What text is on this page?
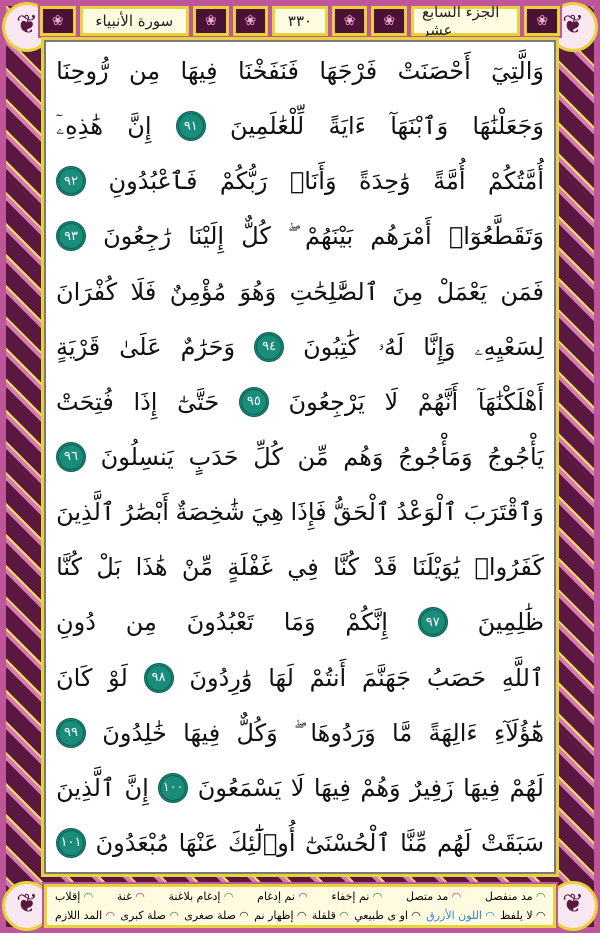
❦	❦
❦	❦
❀	سورة الأنبياء	❀	❀	٣٣٠	❀	❀	الجزء السابع عشر	❀
وَالَّتِيٓ
أَحْصَنَتْ
فَرْجَهَا
فَنَفَخْنَا
فِيهَا
مِن
رُّوحِنَا
وَجَعَلْنَٰهَا
وَٱبْنَهَآ
ءَايَةً
لِّلْعَٰلَمِينَ
٩١
إِنَّ
هَٰذِهِۦٓ
أُمَّتُكُمْ
أُمَّةً
وَٰحِدَةً
وَأَنَا۠
رَبُّكُمْ
فَٱعْبُدُونِ
٩٢
وَتَقَطَّعُوٓا۟
أَمْرَهُم
بَيْنَهُمْ
كُلٌّ
إِلَيْنَا
رَٰجِعُونَ
٩٣
فَمَن
يَعْمَلْ
مِنَ
ٱلصَّٰلِحَٰتِ
وَهُوَ
مُؤْمِنٌ
فَلَا
كُفْرَانَ
لِسَعْيِهِۦ
وَإِنَّا
لَهُۥ
كَٰتِبُونَ
٩٤
وَحَرَٰمٌ
عَلَىٰ
قَرْيَةٍ
أَهْلَكْنَٰهَآ
أَنَّهُمْ
لَا
يَرْجِعُونَ
٩٥
حَتَّىٰٓ
إِذَا
فُتِحَتْ
يَأْجُوجُ
وَمَأْجُوجُ
وَهُم
مِّن
كُلِّ
حَدَبٍ
يَنسِلُونَ
٩٦
وَٱقْتَرَبَ
ٱلْوَعْدُ
ٱلْحَقُّ
فَإِذَا
هِيَ
شَٰخِصَةٌ
أَبْصَٰرُ
ٱلَّذِينَ
كَفَرُوا۟
يَٰوَيْلَنَا
قَدْ
كُنَّا
فِي
غَفْلَةٍ
مِّنْ
هَٰذَا
بَلْ
كُنَّا
ظَٰلِمِينَ
٩٧
إِنَّكُمْ
وَمَا
تَعْبُدُونَ
مِن
دُونِ
ٱللَّهِ
حَصَبُ
جَهَنَّمَ
أَنتُمْ
لَهَا
وَٰرِدُونَ
٩٨
لَوْ
كَانَ
هَٰٓؤُلَآءِ
ءَالِهَةً
مَّا
وَرَدُوهَا
وَكُلٌّ
فِيهَا
خَٰلِدُونَ
٩٩
لَهُمْ
فِيهَا
زَفِيرٌ
وَهُمْ
فِيهَا
لَا
يَسْمَعُونَ
١٠٠
إِنَّ
ٱلَّذِينَ
سَبَقَتْ
لَهُم
مِّنَّا
ٱلْحُسْنَىٰٓ
أُو۟لَٰٓئِكَ
عَنْهَا
مُبْعَدُونَ
١٠١
◠ مد منفصل
◠ مد متصل
◠ نم إخفاء
◠ نم إدغام
◠ إدغام بلاغنة
◠ غنة
◠ إقلاب
◠ لا يلفظ
◠ اللون الأزرق
◠ او ى طبيعي
◠ قلقلة
◠ إظهار نم
◠ صلة صغرى
◠ صلة كبرى
◠ المد اللازم
